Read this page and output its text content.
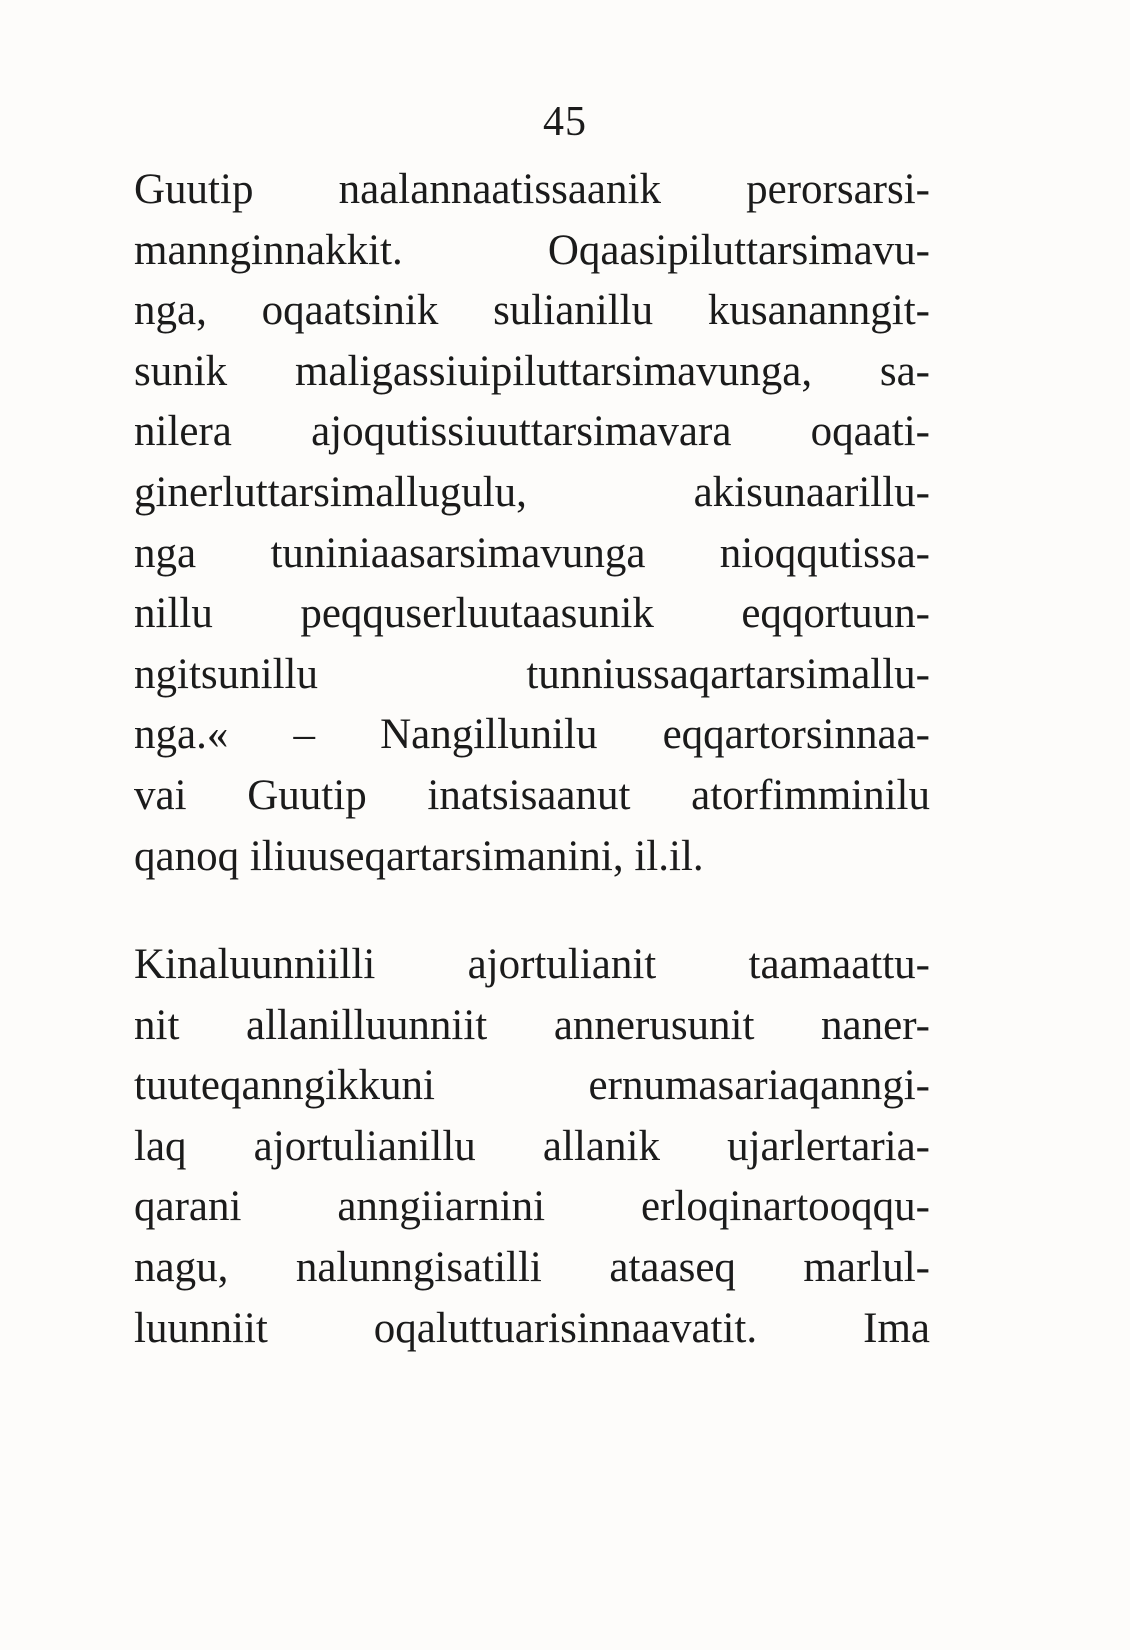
45
Guutip naalannaatissaanik perorsarsi-
mannginnakkit. Oqaasipiluttarsimavu-
nga, oqaatsinik sulianillu kusananngit-
sunik maligassiuipiluttarsimavunga, sa-
nilera ajoqutissiuuttarsimavara oqaati-
ginerluttarsimallugulu, akisunaarillu-
nga tuniniaasarsimavunga nioqqutissa-
nillu peqquserluutaasunik eqqortuun-
ngitsunillu tunniussaqartarsimallu-
nga.« – Nangillunilu eqqartorsinnaa-
vai Guutip inatsisaanut atorfimminilu
qanoq iliuuseqartarsimanini, il.il.
Kinaluunniilli ajortulianit taamaattu-
nit allanilluunniit annerusunit naner-
tuuteqanngikkuni ernumasariaqanngi-
laq ajortulianillu allanik ujarlertaria-
qarani anngiiarnini erloqinartooqqu-
nagu, nalunngisatilli ataaseq marlul-
luunniit oqaluttuarisinnaavatit. Ima
